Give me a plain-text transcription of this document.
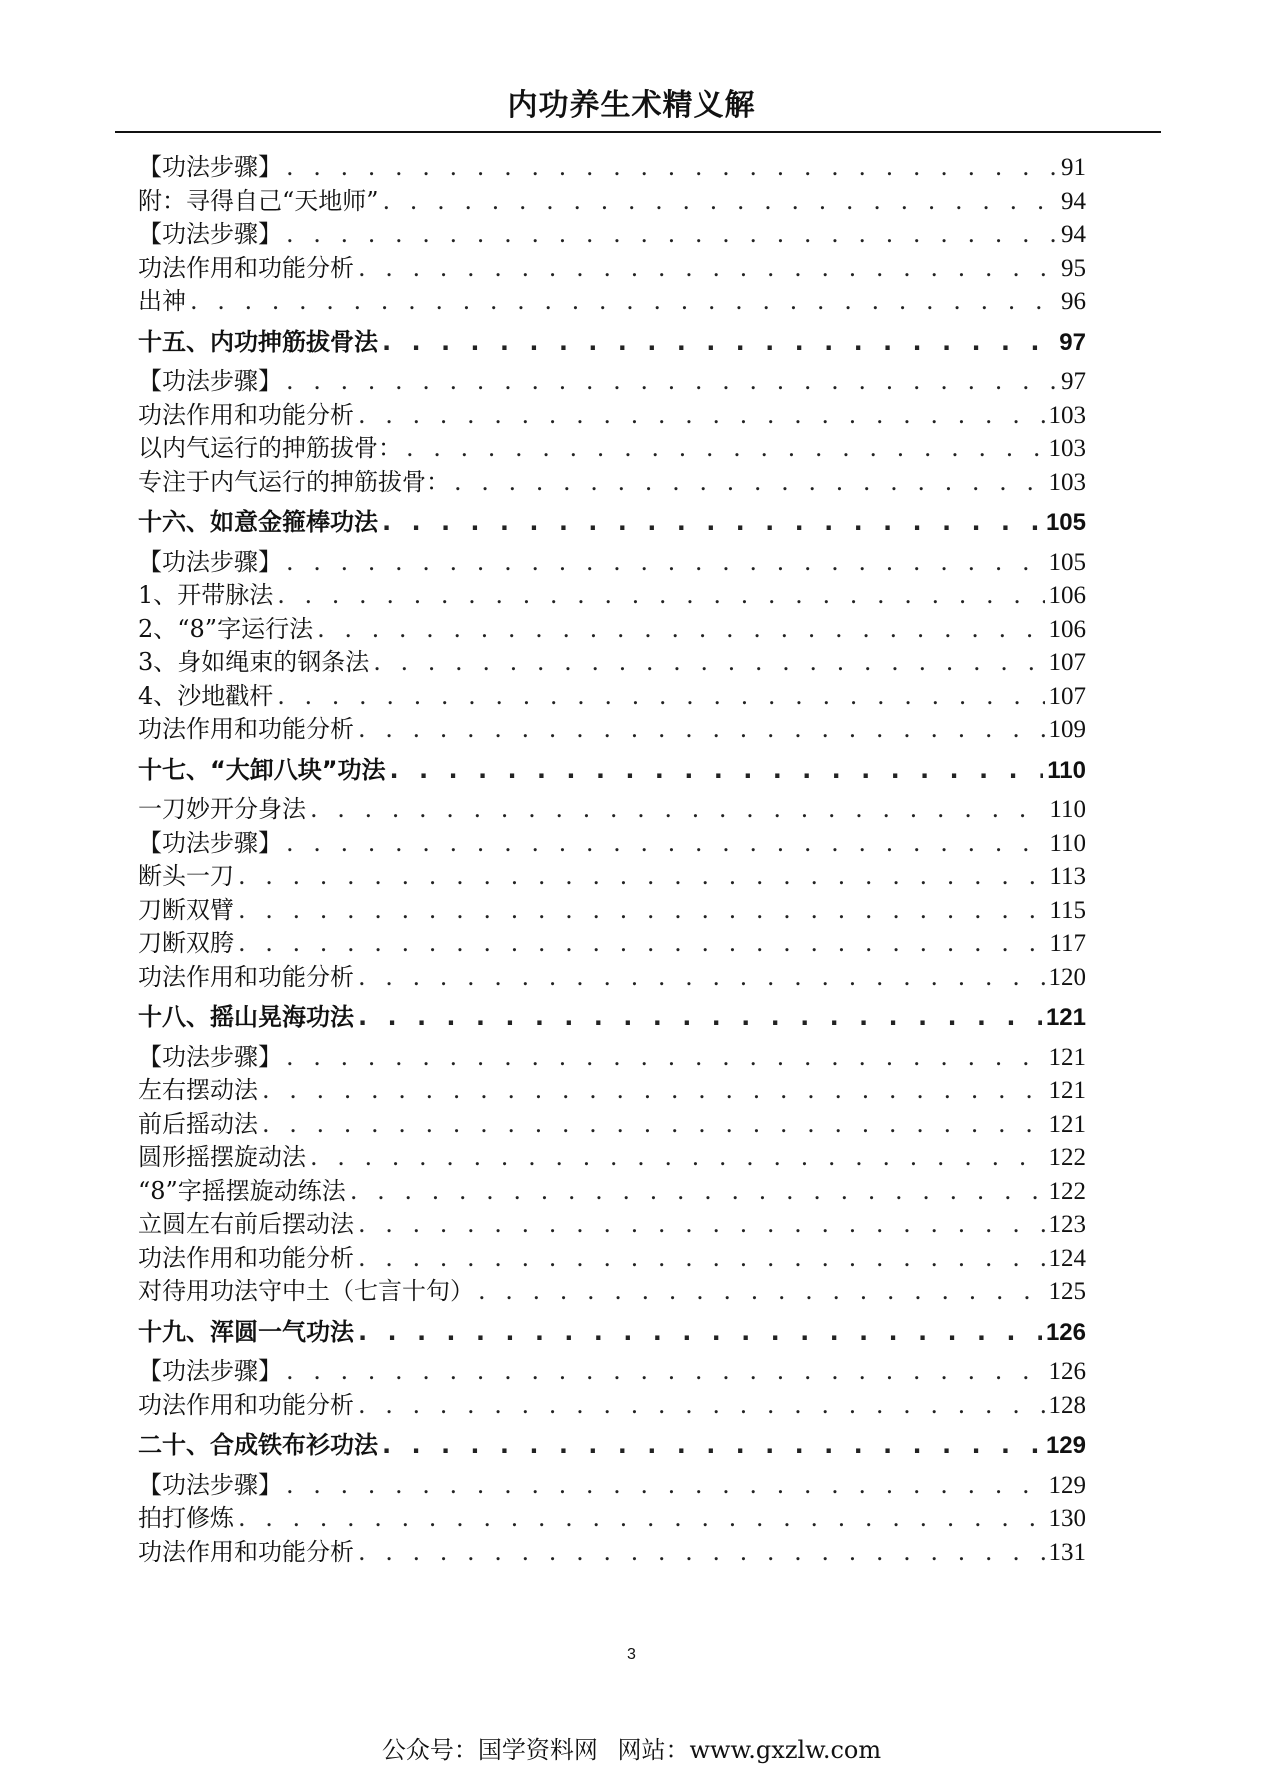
内功养生术精义解
【功法步骤】 . . .	91
附：寻得自己“天地师” . . .	94
【功法步骤】 . . .	94
功法作用和功能分析 . . .	95
出神 . . .	96
十五、内功抻筋拔骨法 . . .	97
【功法步骤】 . . .	97
功法作用和功能分析 . . .	103
以内气运行的抻筋拔骨： . . .	103
专注于内气运行的抻筋拔骨： . . .	103
十六、如意金箍棒功法 . . .	105
【功法步骤】 . . .	105
1、开带脉法 . . .	106
2、“8”字运行法 . . .	106
3、身如绳束的钢条法 . . .	107
4、沙地戳杆 . . .	107
功法作用和功能分析 . . .	109
十七、“大卸八块”功法 . . .	110
一刀妙开分身法 . . .	110
【功法步骤】 . . .	110
断头一刀 . . .	113
刀断双臂 . . .	115
刀断双胯 . . .	117
功法作用和功能分析 . . .	120
十八、摇山晃海功法 . . .	121
【功法步骤】 . . .	121
左右摆动法 . . .	121
前后摇动法 . . .	121
圆形摇摆旋动法 . . .	122
“8”字摇摆旋动练法 . . .	122
立圆左右前后摆动法 . . .	123
功法作用和功能分析 . . .	124
对待用功法守中土（七言十句） . . .	125
十九、浑圆一气功法 . . .	126
【功法步骤】 . . .	126
功法作用和功能分析 . . .	128
二十、合成铁布衫功法 . . .	129
【功法步骤】 . . .	129
拍打修炼 . . .	130
功法作用和功能分析 . . .	131
3
公众号：国学资料网 网站：www.gxzlw.com
